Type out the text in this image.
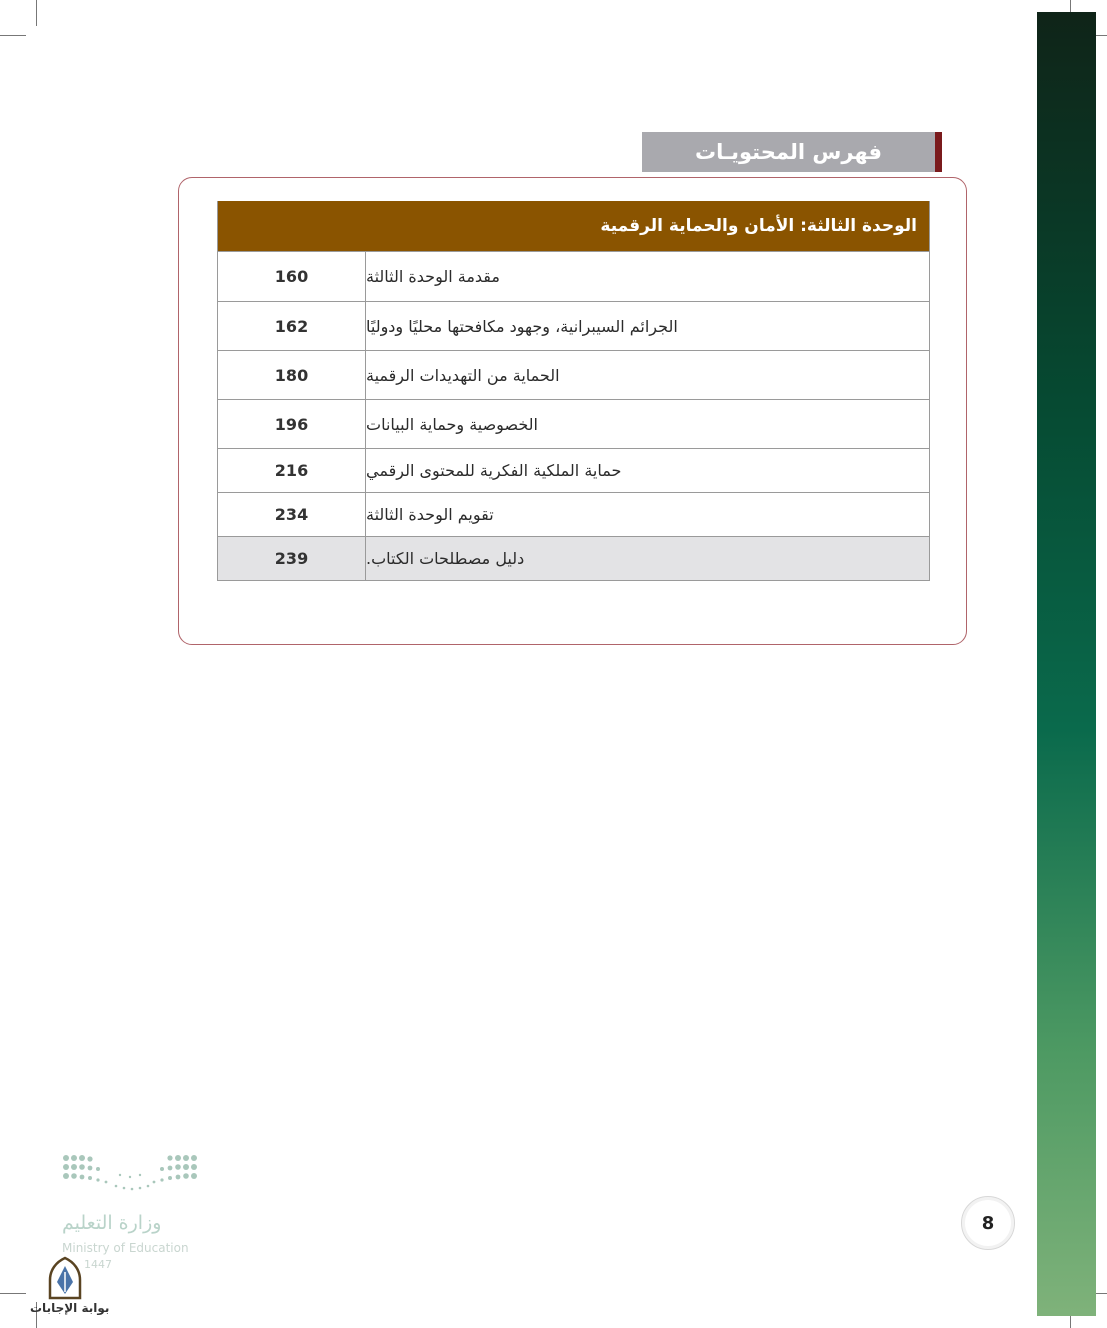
فهرس المحتويـات
الوحدة الثالثة: الأمان والحماية الرقمية
160	مقدمة الوحدة الثالثة
162	الجرائم السيبرانية، وجهود مكافحتها محليًا ودوليًا
180	الحماية من التهديدات الرقمية
196	الخصوصية وحماية البيانات
216	حماية الملكية الفكرية للمحتوى الرقمي
234	تقويم الوحدة الثالثة
239	دليل مصطلحات الكتاب.
8
وزارة التعليم
Ministry of Education
1447
بوابة الإجابات
